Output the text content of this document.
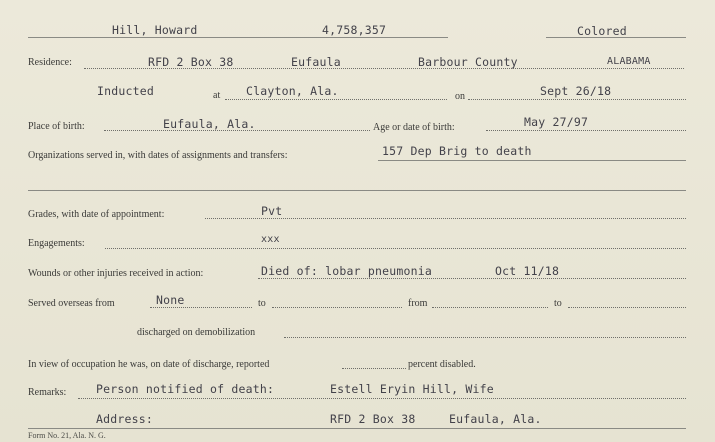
Hill, Howard	4,758,357	Colored
Residence:	RFD 2 Box 38	Eufaula	Barbour County	ALABAMA
Inducted	at Clayton, Ala.	on	Sept 26/18
Place of birth:	Eufaula, Ala.	Age or date of birth:	May 27/97
Organizations served in, with dates of assignments and transfers:	157 Dep Brig to death
Grades, with date of appointment:	Pvt
Engagements:	xxx
Wounds or other injuries received in action:	Died of: lobar pneumonia	Oct 11/18
Served overseas from	None	to	from	to
discharged on demobilization
In view of occupation he was, on date of discharge, reported	percent disabled.
Remarks:	Person notified of death:	Estell Eryin Hill, Wife
Address:	RFD 2 Box 38	Eufaula, Ala.
Form No. 21, Ala. N. G.
